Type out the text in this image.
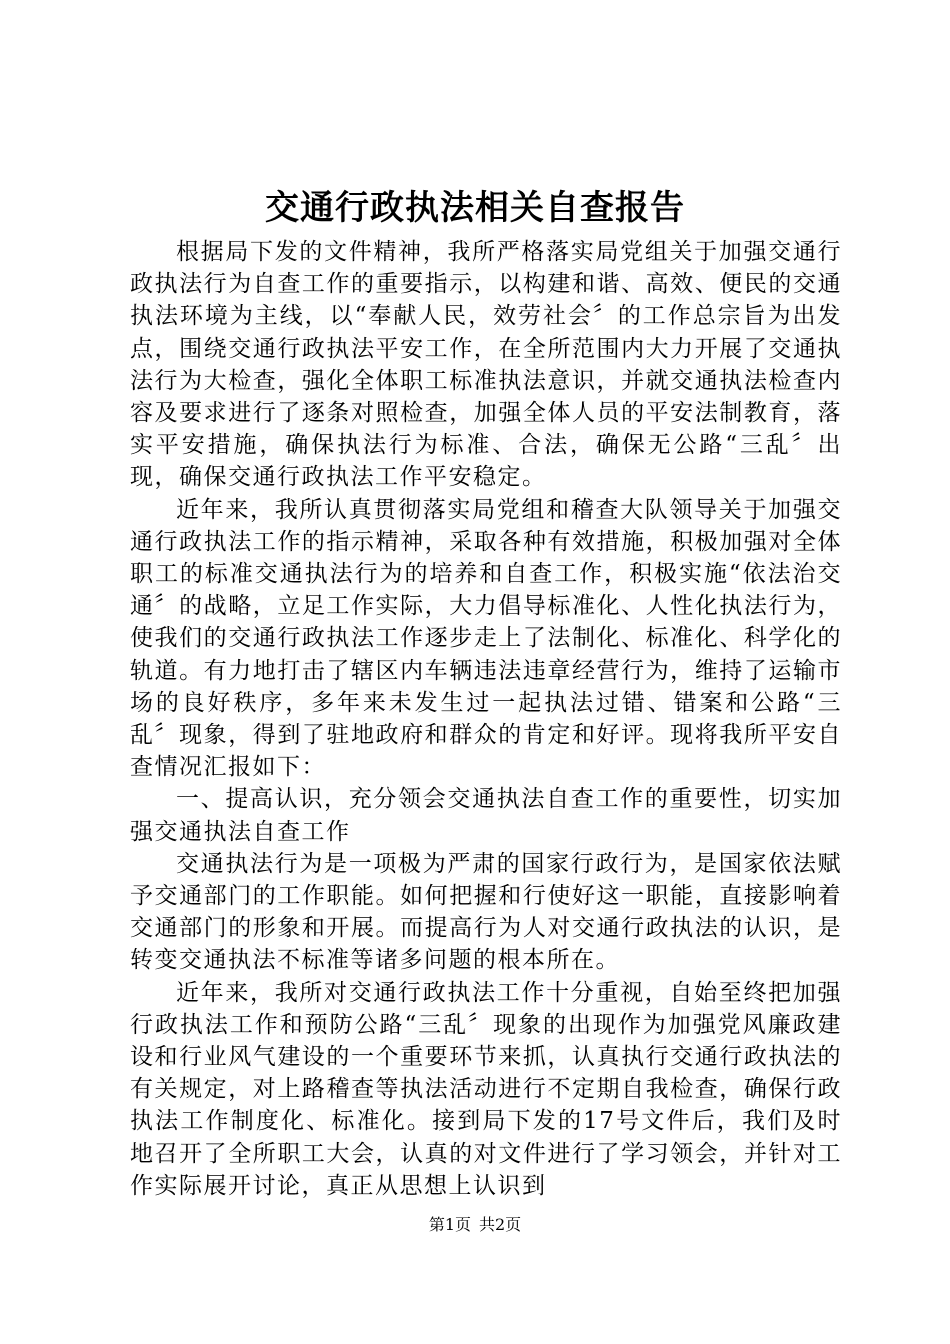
交通行政执法相关自查报告

根据局下发的文件精神，我所严格落实局党组关于加强交通行政执法行为自查工作的重要指示，以构建和谐、高效、便民的交通执法环境为主线，以“奉献人民，效劳社会〞的工作总宗旨为出发点，围绕交通行政执法平安工作，在全所范围内大力开展了交通执法行为大检查，强化全体职工标准执法意识，并就交通执法检查内容及要求进行了逐条对照检查，加强全体人员的平安法制教育，落实平安措施，确保执法行为标准、合法，确保无公路“三乱〞出现，确保交通行政执法工作平安稳定。

近年来，我所认真贯彻落实局党组和稽查大队领导关于加强交通行政执法工作的指示精神，采取各种有效措施，积极加强对全体职工的标准交通执法行为的培养和自查工作，积极实施“依法治交通〞的战略，立足工作实际，大力倡导标准化、人性化执法行为，使我们的交通行政执法工作逐步走上了法制化、标准化、科学化的轨道。有力地打击了辖区内车辆违法违章经营行为，维持了运输市场的良好秩序，多年来未发生过一起执法过错、错案和公路“三乱〞现象，得到了驻地政府和群众的肯定和好评。现将我所平安自查情况汇报如下：

一、提高认识，充分领会交通执法自查工作的重要性，切实加强交通执法自查工作

交通执法行为是一项极为严肃的国家行政行为，是国家依法赋予交通部门的工作职能。如何把握和行使好这一职能，直接影响着交通部门的形象和开展。而提高行为人对交通行政执法的认识，是转变交通执法不标准等诸多问题的根本所在。

近年来，我所对交通行政执法工作十分重视，自始至终把加强行政执法工作和预防公路“三乱〞现象的出现作为加强党风廉政建设和行业风气建设的一个重要环节来抓，认真执行交通行政执法的有关规定，对上路稽查等执法活动进行不定期自我检查，确保行政执法工作制度化、标准化。接到局下发的17号文件后，我们及时地召开了全所职工大会，认真的对文件进行了学习领会，并针对工作实际展开讨论，真正从思想上认识到

第1页 共2页
